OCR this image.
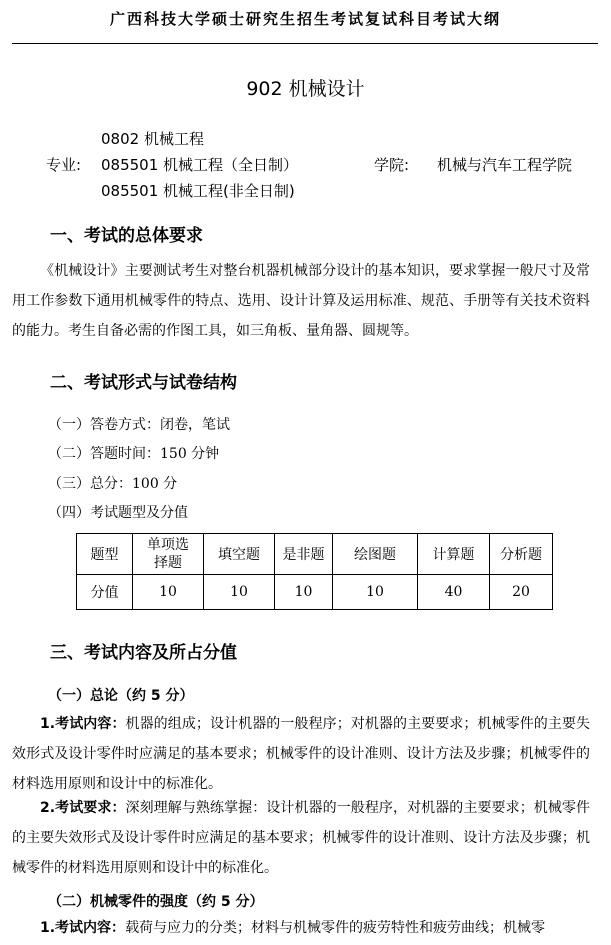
广西科技大学硕士研究生招生考试复试科目考试大纲
902 机械设计
0802 机械工程
专业: 085501 机械工程（全日制）	学院: 机械与汽车工程学院
085501 机械工程(非全日制)
一、考试的总体要求
《机械设计》主要测试考生对整台机器机械部分设计的基本知识，要求掌握一般尺寸及常用工作参数下通用机械零件的特点、选用、设计计算及运用标准、规范、手册等有关技术资料的能力。考生自备必需的作图工具，如三角板、量角器、圆规等。
二、考试形式与试卷结构
（一）答卷方式：闭卷，笔试
（二）答题时间：150 分钟
（三）总分：100 分
（四）考试题型及分值
题型	单项选
择题	填空题	是非题	绘图题	计算题	分析题
分值	10	10	10	10	40	20
三、考试内容及所占分值
（一）总论（约 5 分）
1.考试内容：机器的组成；设计机器的一般程序；对机器的主要要求；机械零件的主要失效形式及设计零件时应满足的基本要求；机械零件的设计准则、设计方法及步骤；机械零件的材料选用原则和设计中的标准化。
2.考试要求：深刻理解与熟练掌握：设计机器的一般程序，对机器的主要要求；机械零件的主要失效形式及设计零件时应满足的基本要求；机械零件的设计准则、设计方法及步骤；机械零件的材料选用原则和设计中的标准化。
（二）机械零件的强度（约 5 分）
1.考试内容：载荷与应力的分类；材料与机械零件的疲劳特性和疲劳曲线；机械零
